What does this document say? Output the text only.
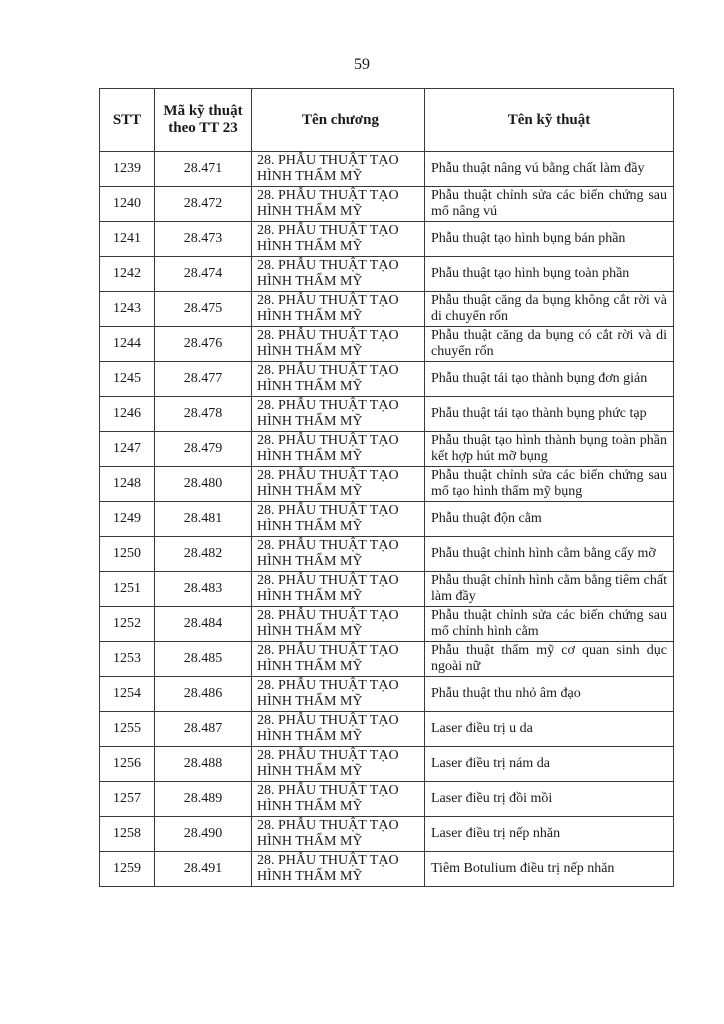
59
STT	Mã kỹ thuật theo TT 23	Tên chương	Tên kỹ thuật
1239	28.471	28. PHẪU THUẬT TẠO
HÌNH THẨM MỸ	Phẫu thuật nâng vú bằng chất làm đầy
1240	28.472	28. PHẪU THUẬT TẠO
HÌNH THẨM MỸ	Phẫu thuật chỉnh sửa các biến chứng sau mổ nâng vú
1241	28.473	28. PHẪU THUẬT TẠO
HÌNH THẨM MỸ	Phẫu thuật tạo hình bụng bán phần
1242	28.474	28. PHẪU THUẬT TẠO
HÌNH THẨM MỸ	Phẫu thuật tạo hình bụng toàn phần
1243	28.475	28. PHẪU THUẬT TẠO
HÌNH THẨM MỸ	Phẫu thuật căng da bụng không cắt rời và di chuyển rốn
1244	28.476	28. PHẪU THUẬT TẠO
HÌNH THẨM MỸ	Phẫu thuật căng da bụng có cắt rời và di chuyển rốn
1245	28.477	28. PHẪU THUẬT TẠO
HÌNH THẨM MỸ	Phẫu thuật tái tạo thành bụng đơn giản
1246	28.478	28. PHẪU THUẬT TẠO
HÌNH THẨM MỸ	Phẫu thuật tái tạo thành bụng phức tạp
1247	28.479	28. PHẪU THUẬT TẠO
HÌNH THẨM MỸ	Phẫu thuật tạo hình thành bụng toàn phần kết hợp hút mỡ bụng
1248	28.480	28. PHẪU THUẬT TẠO
HÌNH THẨM MỸ	Phẫu thuật chỉnh sửa các biến chứng sau mổ tạo hình thẩm mỹ bụng
1249	28.481	28. PHẪU THUẬT TẠO
HÌNH THẨM MỸ	Phẫu thuật độn cằm
1250	28.482	28. PHẪU THUẬT TẠO
HÌNH THẨM MỸ	Phẫu thuật chỉnh hình cằm bằng cấy mỡ
1251	28.483	28. PHẪU THUẬT TẠO
HÌNH THẨM MỸ	Phẫu thuật chỉnh hình cằm bằng tiêm chất làm đầy
1252	28.484	28. PHẪU THUẬT TẠO
HÌNH THẨM MỸ	Phẫu thuật chỉnh sửa các biến chứng sau mổ chỉnh hình cằm
1253	28.485	28. PHẪU THUẬT TẠO
HÌNH THẨM MỸ	Phẫu thuật thẩm mỹ cơ quan sinh dục ngoài nữ
1254	28.486	28. PHẪU THUẬT TẠO
HÌNH THẨM MỸ	Phẫu thuật thu nhỏ âm đạo
1255	28.487	28. PHẪU THUẬT TẠO
HÌNH THẨM MỸ	Laser điều trị u da
1256	28.488	28. PHẪU THUẬT TẠO
HÌNH THẨM MỸ	Laser điều trị nám da
1257	28.489	28. PHẪU THUẬT TẠO
HÌNH THẨM MỸ	Laser điều trị đồi mồi
1258	28.490	28. PHẪU THUẬT TẠO
HÌNH THẨM MỸ	Laser điều trị nếp nhăn
1259	28.491	28. PHẪU THUẬT TẠO
HÌNH THẨM MỸ	Tiêm Botulium điều trị nếp nhăn
